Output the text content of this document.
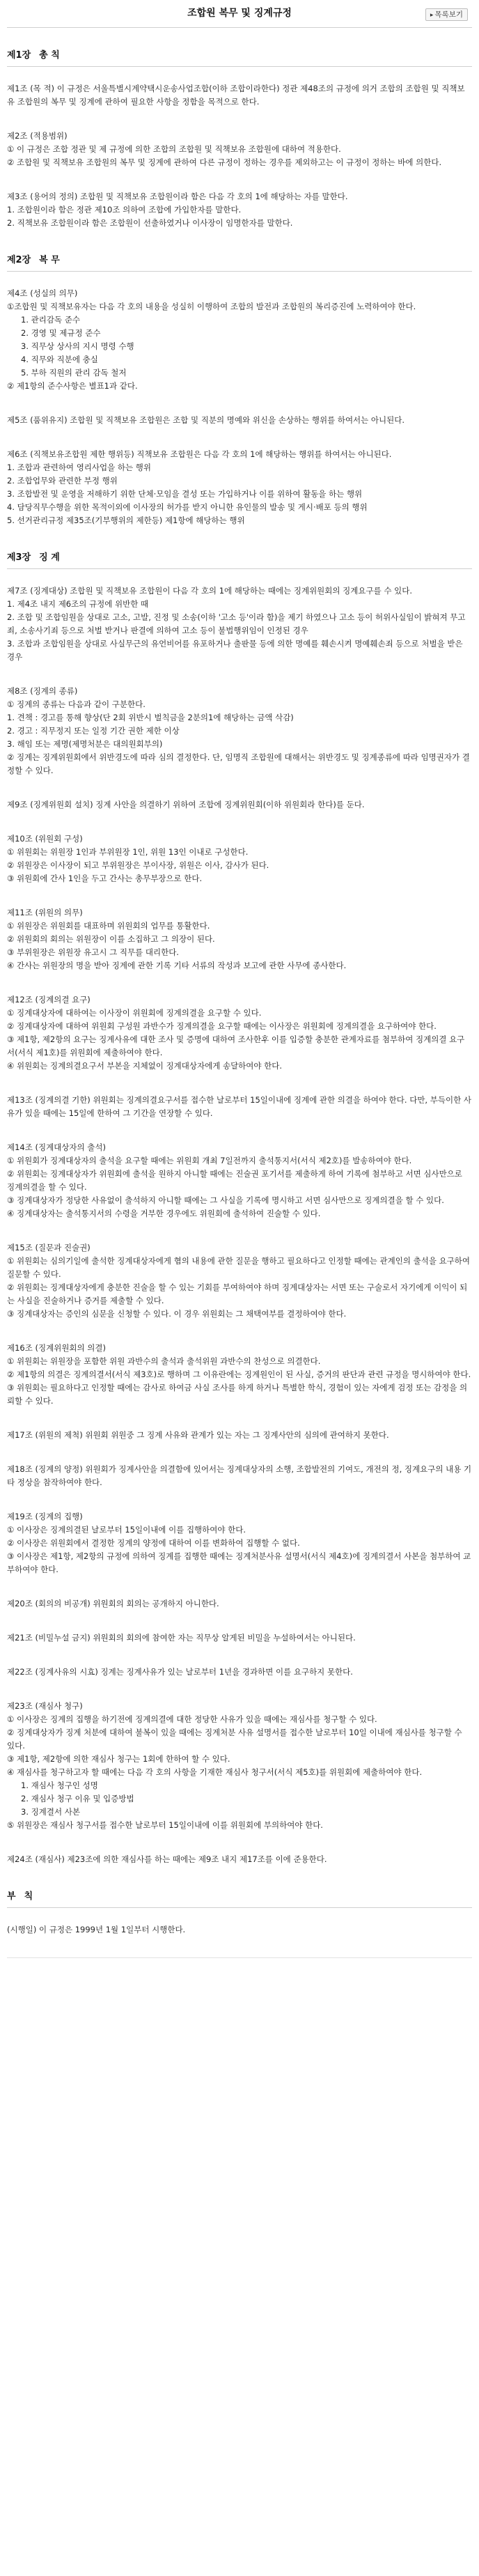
조합원 복무 및 징계규정	▸ 목록보기
제1장 총 칙
제1조 (목 적) 이 규정은 서울특별시계약택시운송사업조합(이하 조합이라한다) 정관 제48조의 규정에 의거 조합의 조합원 및 직책보유 조합원의 복무 및 징계에 관하여 필요한 사항을 정함을 목적으로 한다.
제2조 (적용범위)
① 이 규정은 조합 정관 및 제 규정에 의한 조합의 조합원 및 직책보유 조합원에 대하여 적용한다.
② 조합원 및 직책보유 조합원의 복무 및 징계에 관하여 다른 규정이 정하는 경우를 제외하고는 이 규정이 정하는 바에 의한다.
제3조 (용어의 정의) 조합원 및 직책보유 조합원이라 함은 다음 각 호의 1에 해당하는 자를 말한다.
1. 조합원이라 함은 정관 제10조 의하여 조합에 가입한자를 말한다.
2. 직책보유 조합원이라 함은 조합원이 선출하였거나 이사장이 임명한자를 말한다.
제2장 복 무
제4조 (성실의 의무)
①조합원 및 직책보유자는 다음 각 호의 내용을 성실히 이행하여 조합의 발전과 조합원의 복리증진에 노력하여야 한다.
1. 관리감독 준수
2. 경영 및 제규정 준수
3. 직무상 상사의 지시 명령 수행
4. 직무와 직분에 충실
5. 부하 직원의 관리 감독 철저
② 제1항의 준수사항은 별표1과 같다.
제5조 (품위유지) 조합원 및 직책보유 조합원은 조합 및 직분의 명예와 위신을 손상하는 행위를 하여서는 아니된다.
제6조 (직책보유조합원 제한 행위등) 직책보유 조합원은 다음 각 호의 1에 해당하는 행위를 하여서는 아니된다.
1. 조합과 관련하여 영리사업을 하는 행위
2. 조합업무와 관련한 부정 행위
3. 조합발전 및 운영을 저해하기 위한 단체·모임을 결성 또는 가입하거나 이를 위하여 활동을 하는 행위
4. 담당직무수행을 위한 목적이외에 이사장의 허가를 받지 아니한 유인물의 발송 및 게시·배포 등의 행위
5. 선거관리규정 제35조(기부행위의 제한등) 제1항에 해당하는 행위
제3장 징 계
제7조 (징계대상) 조합원 및 직책보유 조합원이 다음 각 호의 1에 해당하는 때에는 징계위원회의 징계요구를 수 있다.
1. 제4조 내지 제6조의 규정에 위반한 때
2. 조합 및 조합임원을 상대로 고소, 고발, 진정 및 소송(이하 '고소 등'이라 함)을 제기 하였으나 고소 등이 허위사실임이 밝혀져 무고죄, 소송사기죄 등으로 처벌 받거나 판결에 의하여 고소 등이 불법행위임이 인정된 경우
3. 조합과 조합임원을 상대로 사실무근의 유언비어를 유포하거나 출판물 등에 의한 명예를 훼손시켜 명예훼손죄 등으로 처벌을 받은 경우
제8조 (징계의 종류)
① 징계의 종류는 다음과 같이 구분한다.
1. 견책 : 경고를 통해 향상(단 2회 위반시 벌칙금을 2분의1에 해당하는 금액 삭감)
2. 경고 : 직무정지 또는 일정 기간 권한 제한 이상
3. 해임 또는 제명(제명처분은 대의원회부의)
② 징계는 징계위원회에서 위반경도에 따라 심의 결정한다. 단, 임명직 조합원에 대해서는 위반경도 및 징계종류에 따라 임명권자가 결정할 수 있다.
제9조 (징계위원회 설치) 징계 사안을 의결하기 위하여 조합에 징계위원회(이하 위원회라 한다)를 둔다.
제10조 (위원회 구성)
① 위원회는 위원장 1인과 부위원장 1인, 위원 13인 이내로 구성한다.
② 위원장은 이사장이 되고 부위원장은 부이사장, 위원은 이사, 감사가 된다.
③ 위원회에 간사 1인을 두고 간사는 총무부장으로 한다.
제11조 (위원의 의무)
① 위원장은 위원회를 대표하며 위원회의 업무를 통활한다.
② 위원회의 회의는 위원장이 이를 소집하고 그 의장이 된다.
③ 부위원장은 위원장 유고시 그 직무를 대리한다.
④ 간사는 위원장의 명을 받아 징계에 관한 기록 기타 서류의 작성과 보고에 관한 사무에 종사한다.
제12조 (징계의결 요구)
① 징계대상자에 대하여는 이사장이 위원회에 징계의결을 요구할 수 있다.
② 징계대상자에 대하여 위원회 구성원 과반수가 징계의결을 요구할 때에는 이사장은 위원회에 징계의결을 요구하여야 한다.
③ 제1항, 제2항의 요구는 징계사유에 대한 조사 및 증명에 대하여 조사한후 이를 입증할 충분한 관계자료를 첨부하여 징계의결 요구서(서식 제1호)를 위원회에 제출하여야 한다.
④ 위원회는 징계의결요구서 부본을 지체없이 징계대상자에게 송달하여야 한다.
제13조 (징계의결 기한) 위원회는 징계의결요구서를 접수한 날로부터 15일이내에 징계에 관한 의결을 하여야 한다. 다만, 부득이한 사유가 있을 때에는 15일에 한하여 그 기간을 연장할 수 있다.
제14조 (징계대상자의 출석)
① 위원회가 징계대상자의 출석을 요구할 때에는 위원회 개최 7일전까지 출석통지서(서식 제2호)를 발송하여야 한다.
② 위원회는 징계대상자가 위원회에 출석을 원하지 아니할 때에는 진술권 포기서를 제출하게 하여 기록에 첨부하고 서면 심사만으로 징계의결을 할 수 있다.
③ 징계대상자가 정당한 사유없이 출석하지 아니할 때에는 그 사실을 기록에 명시하고 서면 심사만으로 징계의결을 할 수 있다.
④ 징계대상자는 출석통지서의 수령을 거부한 경우에도 위원회에 출석하여 진술할 수 있다.
제15조 (질문과 진술권)
① 위원회는 심의기일에 출석한 징계대상자에게 혐의 내용에 관한 질문을 행하고 필요하다고 인정할 때에는 관계인의 출석을 요구하여 질문할 수 있다.
② 위원회는 징계대상자에게 충분한 진술을 할 수 있는 기회를 부여하여야 하며 징계대상자는 서면 또는 구술로서 자기에게 이익이 되는 사실을 진술하거나 증거를 제출할 수 있다.
③ 징계대상자는 증인의 심문을 신청할 수 있다. 이 경우 위원회는 그 채택여부를 결정하여야 한다.
제16조 (징계위원회의 의결)
① 위원회는 위원장을 포함한 위원 과반수의 출석과 출석위원 과반수의 찬성으로 의결한다.
② 제1항의 의결은 징계의결서(서식 제3호)로 행하며 그 이유란에는 징계원인이 된 사실, 증거의 판단과 관련 규정을 명시하여야 한다.
③ 위원회는 필요하다고 인정할 때에는 감사로 하여금 사실 조사를 하게 하거나 특별한 학식, 경험이 있는 자에게 검정 또는 감정을 의뢰할 수 있다.
제17조 (위원의 제척) 위원회 위원중 그 징계 사유와 관계가 있는 자는 그 징계사안의 심의에 관여하지 못한다.
제18조 (징계의 양정) 위원회가 징계사안을 의결함에 있어서는 징계대상자의 소행, 조합발전의 기여도, 개전의 정, 징계요구의 내용 기타 정상을 참작하여야 한다.
제19조 (징계의 집행)
① 이사장은 징계의결된 날로부터 15일이내에 이를 집행하여야 한다.
② 이사장은 위원회에서 결정한 징계의 양정에 대하여 이를 변화하여 집행할 수 없다.
③ 이사장은 제1항, 제2항의 규정에 의하여 징계를 집행한 때에는 징계처분사유 설명서(서식 제4호)에 징계의결서 사본을 첨부하여 교부하여야 한다.
제20조 (회의의 비공개) 위원회의 회의는 공개하지 아니한다.
제21조 (비밀누설 금지) 위원회의 회의에 참여한 자는 직무상 알게된 비밀을 누설하여서는 아니된다.
제22조 (징계사유의 시효) 징계는 징계사유가 있는 날로부터 1년을 경과하면 이를 요구하지 못한다.
제23조 (재심사 청구)
① 이사장은 징계의 집행을 하기전에 징계의결에 대한 정당한 사유가 있을 때에는 재심사를 청구할 수 있다.
② 징계대상자가 징계 처분에 대하여 불복이 있을 때에는 징계처분 사유 설명서를 접수한 날로부터 10일 이내에 재심사를 청구할 수 있다.
③ 제1항, 제2항에 의한 재심사 청구는 1회에 한하여 할 수 있다.
④ 재심사를 청구하고자 할 때에는 다음 각 호의 사항을 기재한 재심사 청구서(서식 제5호)를 위원회에 제출하여야 한다.
1. 재심사 청구인 성명
2. 재심사 청구 이유 및 입증방법
3. 징계결서 사본
⑤ 위원장은 재심사 청구서를 접수한 날로부터 15일이내에 이를 위원회에 부의하여야 한다.
제24조 (재심사) 제23조에 의한 재심사를 하는 때에는 제9조 내지 제17조를 이에 준용한다.
부 칙
(시행일) 이 규정은 1999년 1월 1일부터 시행한다.
